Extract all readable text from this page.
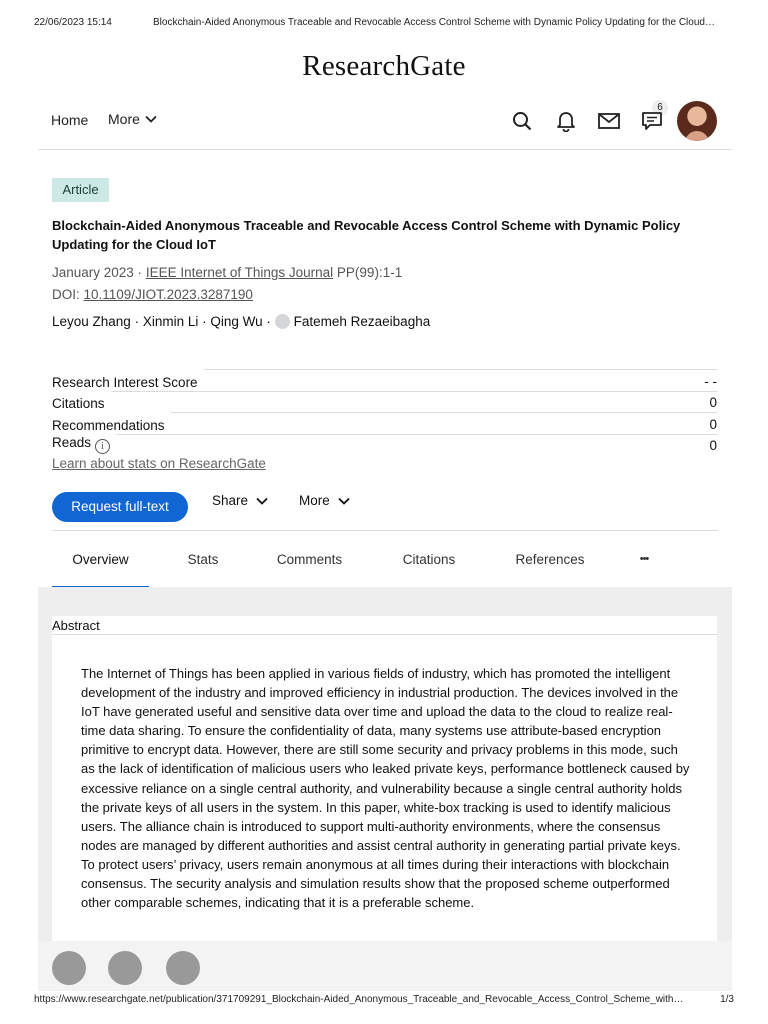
22/06/2023 15:14	Blockchain-Aided Anonymous Traceable and Revocable Access Control Scheme with Dynamic Policy Updating for the Cloud…
ResearchGate
Home More
6
Article
Blockchain-Aided Anonymous Traceable and Revocable Access Control Scheme with Dynamic Policy Updating for the Cloud IoT
January 2023 · IEEE Internet of Things Journal PP(99):1-1
DOI: 10.1109/JIOT.2023.3287190
Leyou Zhang · Xinmin Li · Qing Wu · Fatemeh Rezaeibagha
Research Interest Score	- -
Citations	0
Recommendations	0
Reads i	0
Learn about stats on ResearchGate
Request full-text	Share	More
Overview	Stats	Comments	Citations	References	•••
Abstract
The Internet of Things has been applied in various fields of industry, which has promoted the intelligent development of the industry and improved efficiency in industrial production. The devices involved in the IoT have generated useful and sensitive data over time and upload the data to the cloud to realize real-time data sharing. To ensure the confidentiality of data, many systems use attribute-based encryption primitive to encrypt data. However, there are still some security and privacy problems in this mode, such as the lack of identification of malicious users who leaked private keys, performance bottleneck caused by excessive reliance on a single central authority, and vulnerability because a single central authority holds the private keys of all users in the system. In this paper, white-box tracking is used to identify malicious users. The alliance chain is introduced to support multi-authority environments, where the consensus nodes are managed by different authorities and assist central authority in generating partial private keys. To protect users’ privacy, users remain anonymous at all times during their interactions with blockchain consensus. The security analysis and simulation results show that the proposed scheme outperformed other comparable schemes, indicating that it is a preferable scheme.
https://www.researchgate.net/publication/371709291_Blockchain-Aided_Anonymous_Traceable_and_Revocable_Access_Control_Scheme_with…	1/3
